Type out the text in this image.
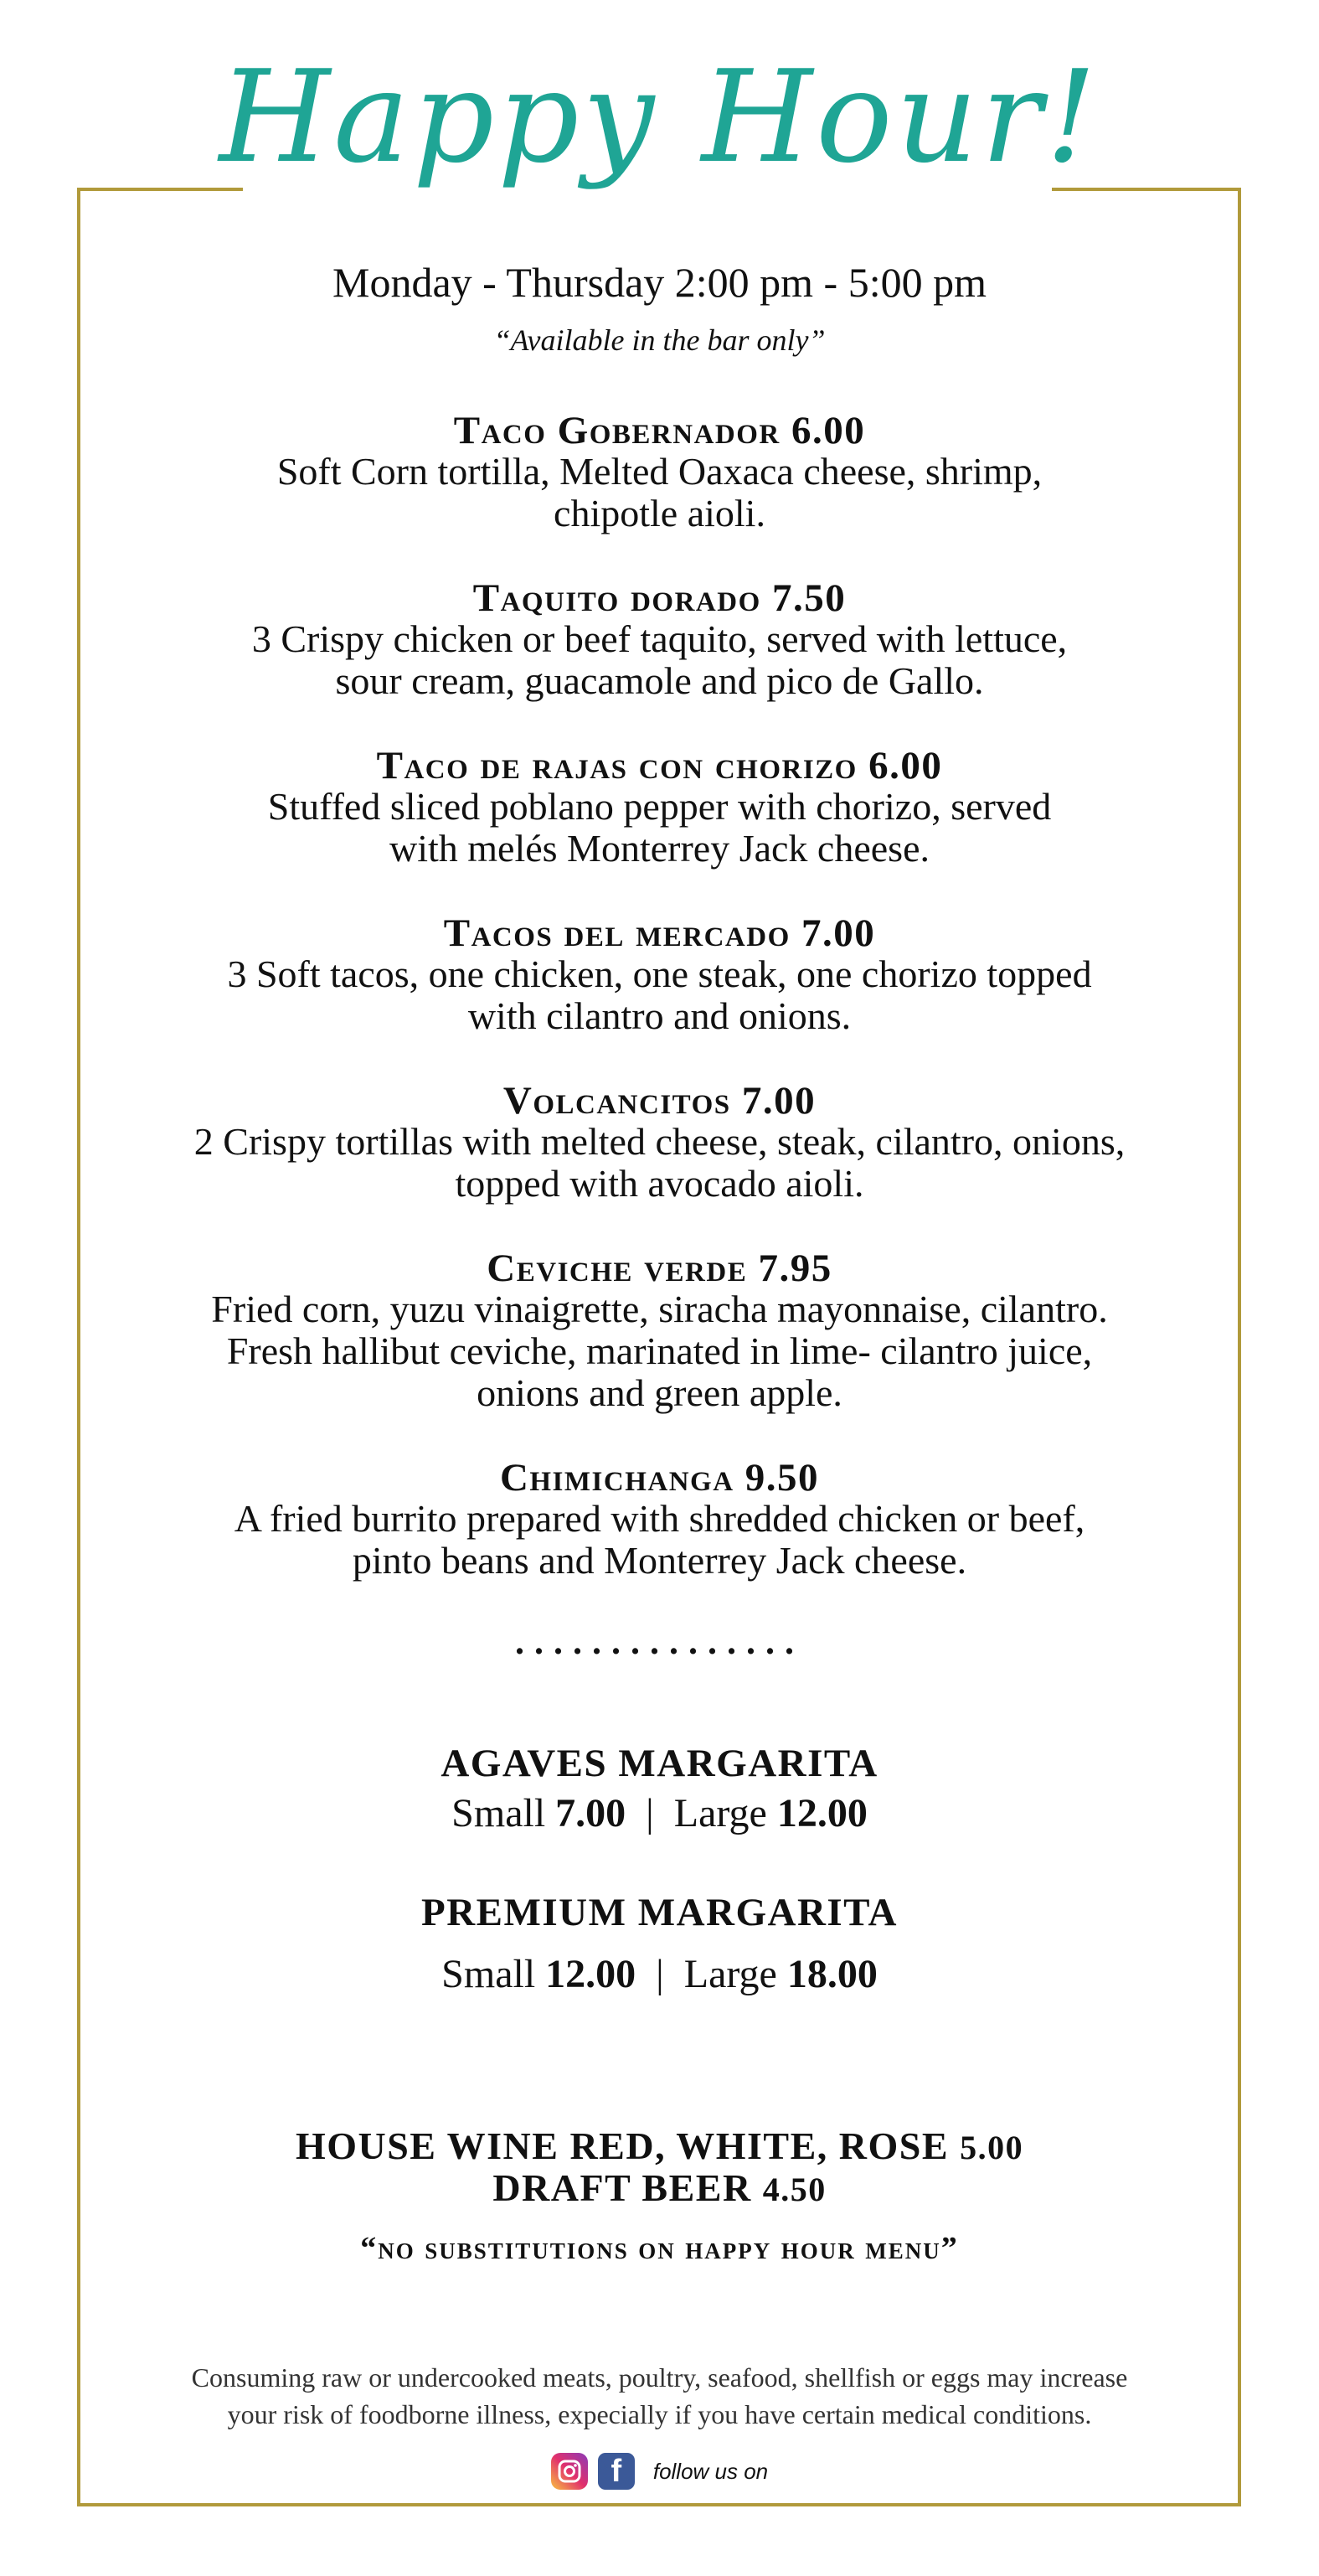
Happy Hour!
Monday - Thursday 2:00 pm - 5:00 pm
“Available in the bar only”
Taco Gobernador 6.00
Soft Corn tortilla, Melted Oaxaca cheese, shrimp,
chipotle aioli.
Taquito dorado 7.50
3 Crispy chicken or beef taquito, served with lettuce,
sour cream, guacamole and pico de Gallo.
Taco de rajas con chorizo 6.00
Stuffed sliced poblano pepper with chorizo, served
with melés Monterrey Jack cheese.
Tacos del mercado 7.00
3 Soft tacos, one chicken, one steak, one chorizo topped
with cilantro and onions.
Volcancitos 7.00
2 Crispy tortillas with melted cheese, steak, cilantro, onions,
topped with avocado aioli.
Ceviche verde 7.95
Fried corn, yuzu vinaigrette, siracha mayonnaise, cilantro.
Fresh hallibut ceviche, marinated in lime- cilantro juice,
onions and green apple.
Chimichanga 9.50
A fried burrito prepared with shredded chicken or beef,
pinto beans and Monterrey Jack cheese.
...............
AGAVES MARGARITA
Small 7.00 | Large 12.00
PREMIUM MARGARITA
Small 12.00 | Large 18.00
HOUSE WINE RED, WHITE, ROSE 5.00
DRAFT BEER 4.50
“no substitutions on happy hour menu”
Consuming raw or undercooked meats, poultry, seafood, shellfish or eggs may increase
your risk of foodborne illness, expecially if you have certain medical conditions.
f	follow us on
